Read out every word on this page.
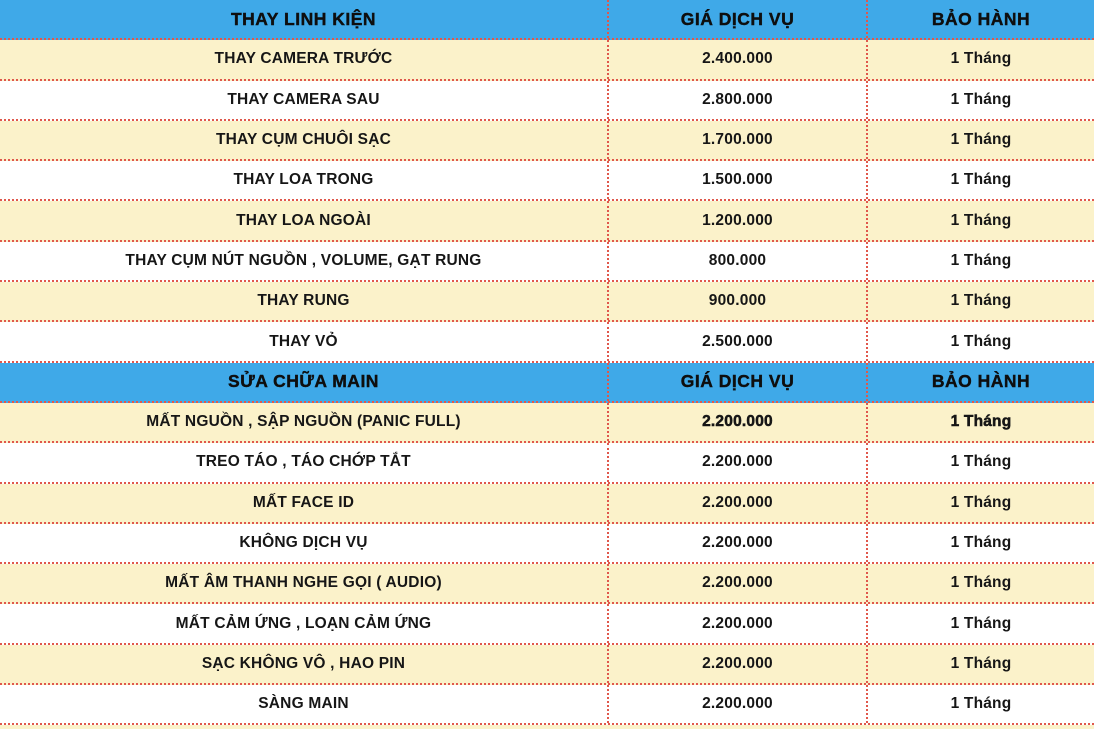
THAY LINH KIỆN	GIÁ DỊCH VỤ	BẢO HÀNH
THAY CAMERA TRƯỚC	2.400.000	1 Tháng
THAY CAMERA SAU	2.800.000	1 Tháng
THAY CỤM CHUÔI SẠC	1.700.000	1 Tháng
THAY LOA TRONG	1.500.000	1 Tháng
THAY LOA NGOÀI	1.200.000	1 Tháng
THAY CỤM NÚT NGUỒN , VOLUME, GẠT RUNG	800.000	1 Tháng
THAY RUNG	900.000	1 Tháng
THAY VỎ	2.500.000	1 Tháng
SỬA CHỮA MAIN	GIÁ DỊCH VỤ	BẢO HÀNH
MẤT NGUỒN , SẬP NGUỒN (PANIC FULL)	2.200.000	1 Tháng
TREO TÁO , TÁO CHỚP TẮT	2.200.000	1 Tháng
MẤT FACE ID	2.200.000	1 Tháng
KHÔNG DỊCH VỤ	2.200.000	1 Tháng
MẤT ÂM THANH NGHE GỌI ( AUDIO)	2.200.000	1 Tháng
MẤT CẢM ỨNG , LOẠN CẢM ỨNG	2.200.000	1 Tháng
SẠC KHÔNG VÔ , HAO PIN	2.200.000	1 Tháng
SÀNG MAIN	2.200.000	1 Tháng
